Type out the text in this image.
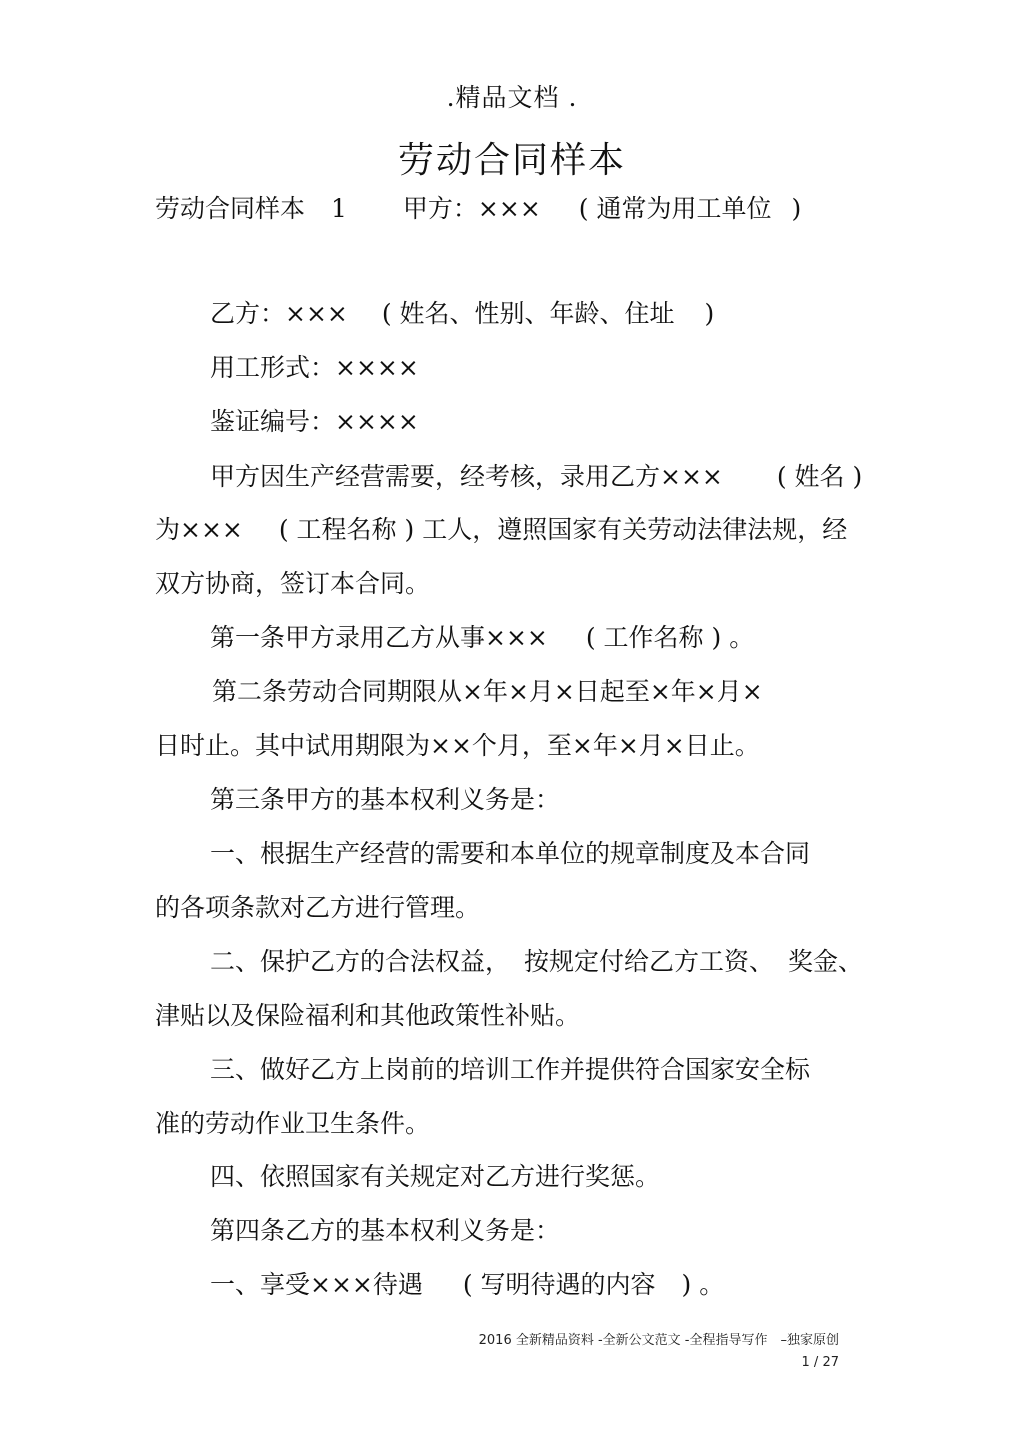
.精品文档 .
劳动合同样本
劳动合同样本 1 甲方：××× ( 通常为用工单位 )
乙方：××× ( 姓名、性别、年龄、住址 )
用工形式：××××
鉴证编号：××××
甲方因生产经营需要，经考核，录用乙方××× ( 姓名 )
为××× ( 工程名称 ) 工人，遵照国家有关劳动法律法规，经
双方协商，签订本合同。
第一条甲方录用乙方从事××× ( 工作名称 ) 。
第二条劳动合同期限从×年×月×日起至×年×月×
日时止。其中试用期限为××个月，至×年×月×日止。
第三条甲方的基本权利义务是：
一、根据生产经营的需要和本单位的规章制度及本合同
的各项条款对乙方进行管理。
二、保护乙方的合法权益， 按规定付给乙方工资、 奖金、
津贴以及保险福利和其他政策性补贴。
三、做好乙方上岗前的培训工作并提供符合国家安全标
准的劳动作业卫生条件。
四、依照国家有关规定对乙方进行奖惩。
第四条乙方的基本权利义务是：
一、享受×××待遇 ( 写明待遇的内容 ) 。
2016 全新精品资料 -全新公文范文 -全程指导写作　–独家原创
1 / 27
